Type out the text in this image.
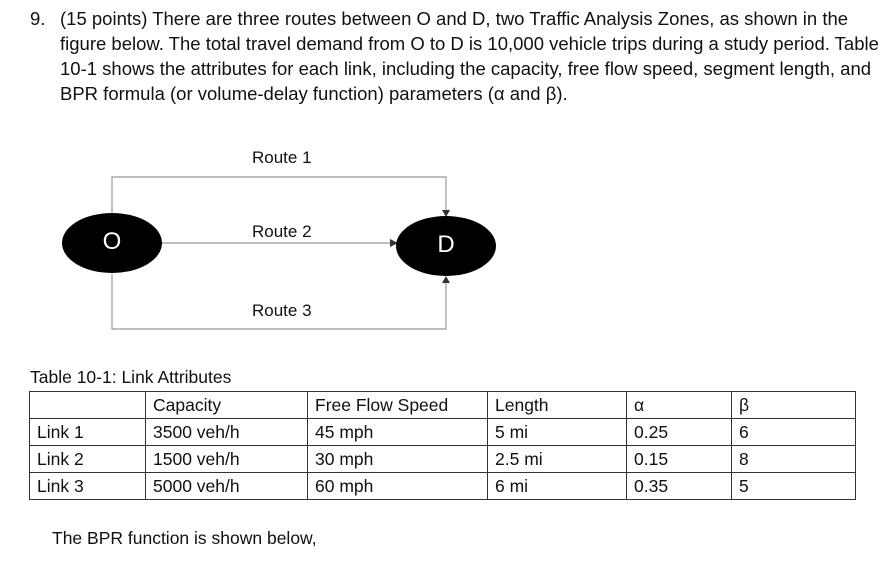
9. (15 points) There are three routes between O and D, two Traffic Analysis Zones, as shown in the figure below. The total travel demand from O to D is 10,000 vehicle trips during a study period. Table 10-1 shows the attributes for each link, including the capacity, free flow speed, segment length, and BPR formula (or volume-delay function) parameters (α and β).
O	D
Route 1
Route 2
Route 3
Table 10-1: Link Attributes
	Capacity	Free Flow Speed	Length	α	β
Link 1	3500 veh/h	45 mph	5 mi	0.25	6
Link 2	1500 veh/h	30 mph	2.5 mi	0.15	8
Link 3	5000 veh/h	60 mph	6 mi	0.35	5
The BPR function is shown below,
